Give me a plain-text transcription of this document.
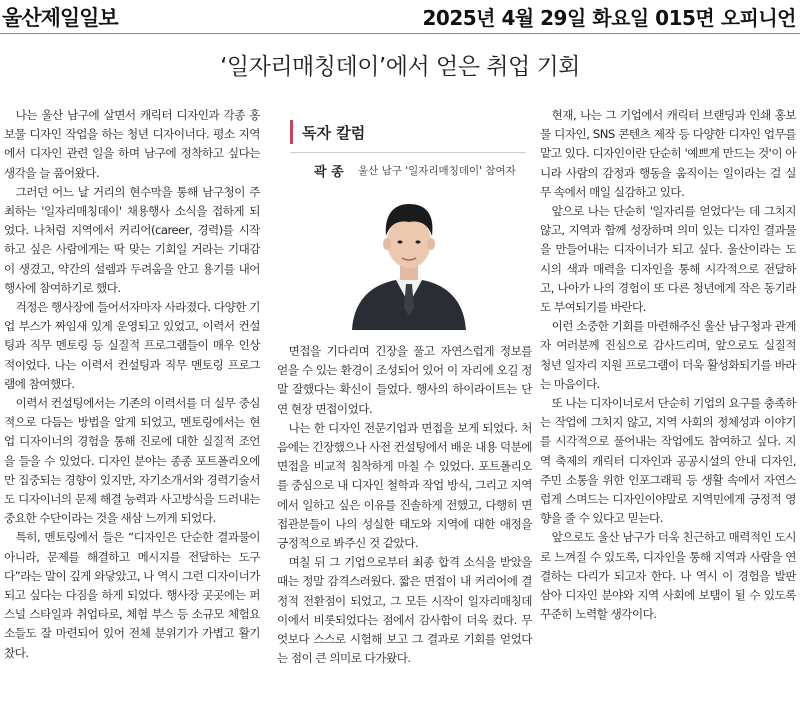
울산제일일보	2025년 4월 29일 화요일 015면 오피니언
‘일자리매칭데이’에서 얻은 취업 기회

나는 울산 남구에 살면서 캐릭터 디자인과 각종 홍보물 디자인 작업을 하는 청년 디자이너다. 평소 지역에서 디자인 관련 일을 하며 남구에 정착하고 싶다는 생각을 늘 품어왔다.

그러던 어느 날 거리의 현수막을 통해 남구청이 주최하는 '일자리매칭데이' 채용행사 소식을 접하게 되었다. 나처럼 지역에서 커리어(career, 경력)를 시작하고 싶은 사람에게는 딱 맞는 기회일 거라는 기대감이 생겼고, 약간의 설렘과 두려움을 안고 용기를 내어 행사에 참여하기로 했다.

걱정은 행사장에 들어서자마자 사라졌다. 다양한 기업 부스가 짜임새 있게 운영되고 있었고, 이력서 컨설팅과 직무 멘토링 등 실질적 프로그램들이 매우 인상적이었다. 나는 이력서 컨설팅과 직무 멘토링 프로그램에 참여했다.

이력서 컨설팅에서는 기존의 이력서를 더 실무 중심적으로 다듬는 방법을 알게 되었고, 멘토링에서는 현업 디자이너의 경험을 통해 진로에 대한 실질적 조언을 들을 수 있었다. 디자인 분야는 종종 포트폴리오에만 집중되는 경향이 있지만, 자기소개서와 경력기술서도 디자이너의 문제 해결 능력과 사고방식을 드러내는 중요한 수단이라는 것을 새삼 느끼게 되었다.

특히, 멘토링에서 들은 “디자인은 단순한 결과물이 아니라, 문제를 해결하고 메시지를 전달하는 도구다”라는 말이 깊게 와닿았고, 나 역시 그런 디자이너가 되고 싶다는 다짐을 하게 되었다. 행사장 곳곳에는 퍼스널 스타일과 취업타로, 체험 부스 등 소규모 체험요소들도 잘 마련되어 있어 전체 분위기가 가볍고 활기찼다.

독자 칼럼
곽 종 울산 남구 '일자리매칭데이' 참여자

면접을 기다리며 긴장을 풀고 자연스럽게 정보를 얻을 수 있는 환경이 조성되어 있어 이 자리에 오길 정말 잘했다는 확신이 들었다. 행사의 하이라이트는 단연 현장 면접이었다.

나는 한 디자인 전문기업과 면접을 보게 되었다. 처음에는 긴장했으나 사전 컨설팅에서 배운 내용 덕분에 면접을 비교적 침착하게 마칠 수 있었다. 포트폴리오를 중심으로 내 디자인 철학과 작업 방식, 그리고 지역에서 일하고 싶은 이유를 진솔하게 전했고, 다행히 면접관분들이 나의 성실한 태도와 지역에 대한 애정을 긍정적으로 봐주신 것 같았다.

며칠 뒤 그 기업으로부터 최종 합격 소식을 받았을 때는 정말 감격스러웠다. 짧은 면접이 내 커리어에 결정적 전환점이 되었고, 그 모든 시작이 일자리매칭데이에서 비롯되었다는 점에서 감사함이 더욱 컸다. 무엇보다 스스로 시험해 보고 그 결과로 기회를 얻었다는 점이 큰 의미로 다가왔다.

현재, 나는 그 기업에서 캐릭터 브랜딩과 인쇄 홍보물 디자인, SNS 콘텐츠 제작 등 다양한 디자인 업무를 맡고 있다. 디자인이란 단순히 '예쁘게 만드는 것'이 아니라 사람의 감정과 행동을 움직이는 일이라는 걸 실무 속에서 매일 실감하고 있다.

앞으로 나는 단순히 '일자리를 얻었다'는 데 그치지 않고, 지역과 함께 성장하며 의미 있는 디자인 결과물을 만들어내는 디자이너가 되고 싶다. 울산이라는 도시의 색과 매력을 디자인을 통해 시각적으로 전달하고, 나아가 나의 경험이 또 다른 청년에게 작은 동기라도 부여되기를 바란다.

이런 소중한 기회를 마련해주신 울산 남구청과 관계자 여러분께 진심으로 감사드리며, 앞으로도 실질적 청년 일자리 지원 프로그램이 더욱 활성화되기를 바라는 마음이다.

또 나는 디자이너로서 단순히 기업의 요구를 충족하는 작업에 그치지 않고, 지역 사회의 정체성과 이야기를 시각적으로 풀어내는 작업에도 참여하고 싶다. 지역 축제의 캐릭터 디자인과 공공시설의 안내 디자인, 주민 소통을 위한 인포그래픽 등 생활 속에서 자연스럽게 스며드는 디자인이야말로 지역민에게 긍정적 영향을 줄 수 있다고 믿는다.

앞으로도 울산 남구가 더욱 친근하고 매력적인 도시로 느껴질 수 있도록, 디자인을 통해 지역과 사람을 연결하는 다리가 되고자 한다. 나 역시 이 경험을 발판 삼아 디자인 분야와 지역 사회에 보탬이 될 수 있도록 꾸준히 노력할 생각이다.
